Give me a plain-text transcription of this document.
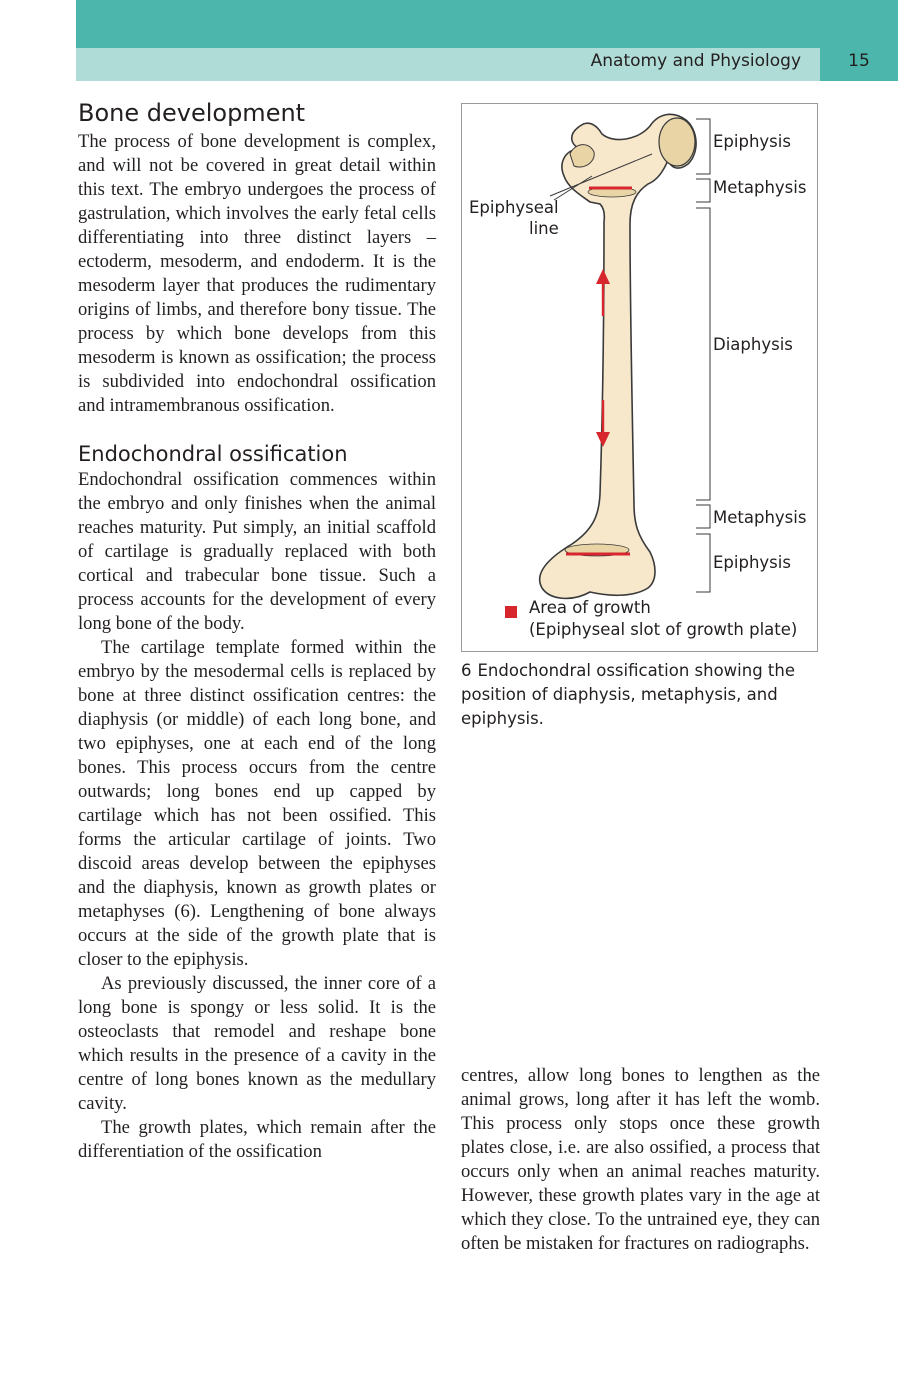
Anatomy and Physiology	15
Bone development

The process of bone development is complex, and will not be covered in great detail within this text. The embryo undergoes the process of gastrulation, which involves the early fetal cells differentiating into three distinct layers – ectoderm, mesoderm, and endoderm. It is the mesoderm layer that produces the rudimentary origins of limbs, and therefore bony tissue. The process by which bone develops from this mesoderm is known as ossification; the process is subdivided into endochondral ossification and intramembranous ossification.

Endochondral ossification

Endochondral ossification commences within the embryo and only finishes when the animal reaches maturity. Put simply, an initial scaffold of cartilage is gradually replaced with both cortical and trabecular bone tissue. Such a process accounts for the development of every long bone of the body.

The cartilage template formed within the embryo by the mesodermal cells is replaced by bone at three distinct ossification centres: the diaphysis (or middle) of each long bone, and two epiphyses, one at each end of the long bones. This process occurs from the centre outwards; long bones end up capped by cartilage which has not been ossified. This forms the articular cartilage of joints. Two discoid areas develop between the epiphyses and the diaphysis, known as growth plates or metaphyses (6). Lengthening of bone always occurs at the side of the growth plate that is closer to the epiphysis.

As previously discussed, the inner core of a long bone is spongy or less solid. It is the osteoclasts that remodel and reshape bone which results in the presence of a cavity in the centre of long bones known as the medullary cavity.

The growth plates, which remain after the differentiation of the ossification

Epiphysis
Metaphysis
Epiphyseal
line
Diaphysis
Metaphysis
Epiphysis
Area of growth
(Epiphyseal slot of growth plate)
6 Endochondral ossification showing the position of diaphysis, metaphysis, and epiphysis.

centres, allow long bones to lengthen as the animal grows, long after it has left the womb. This process only stops once these growth plates close, i.e. are also ossified, a process that occurs only when an animal reaches maturity. However, these growth plates vary in the age at which they close. To the untrained eye, they can often be mistaken for fractures on radiographs.
